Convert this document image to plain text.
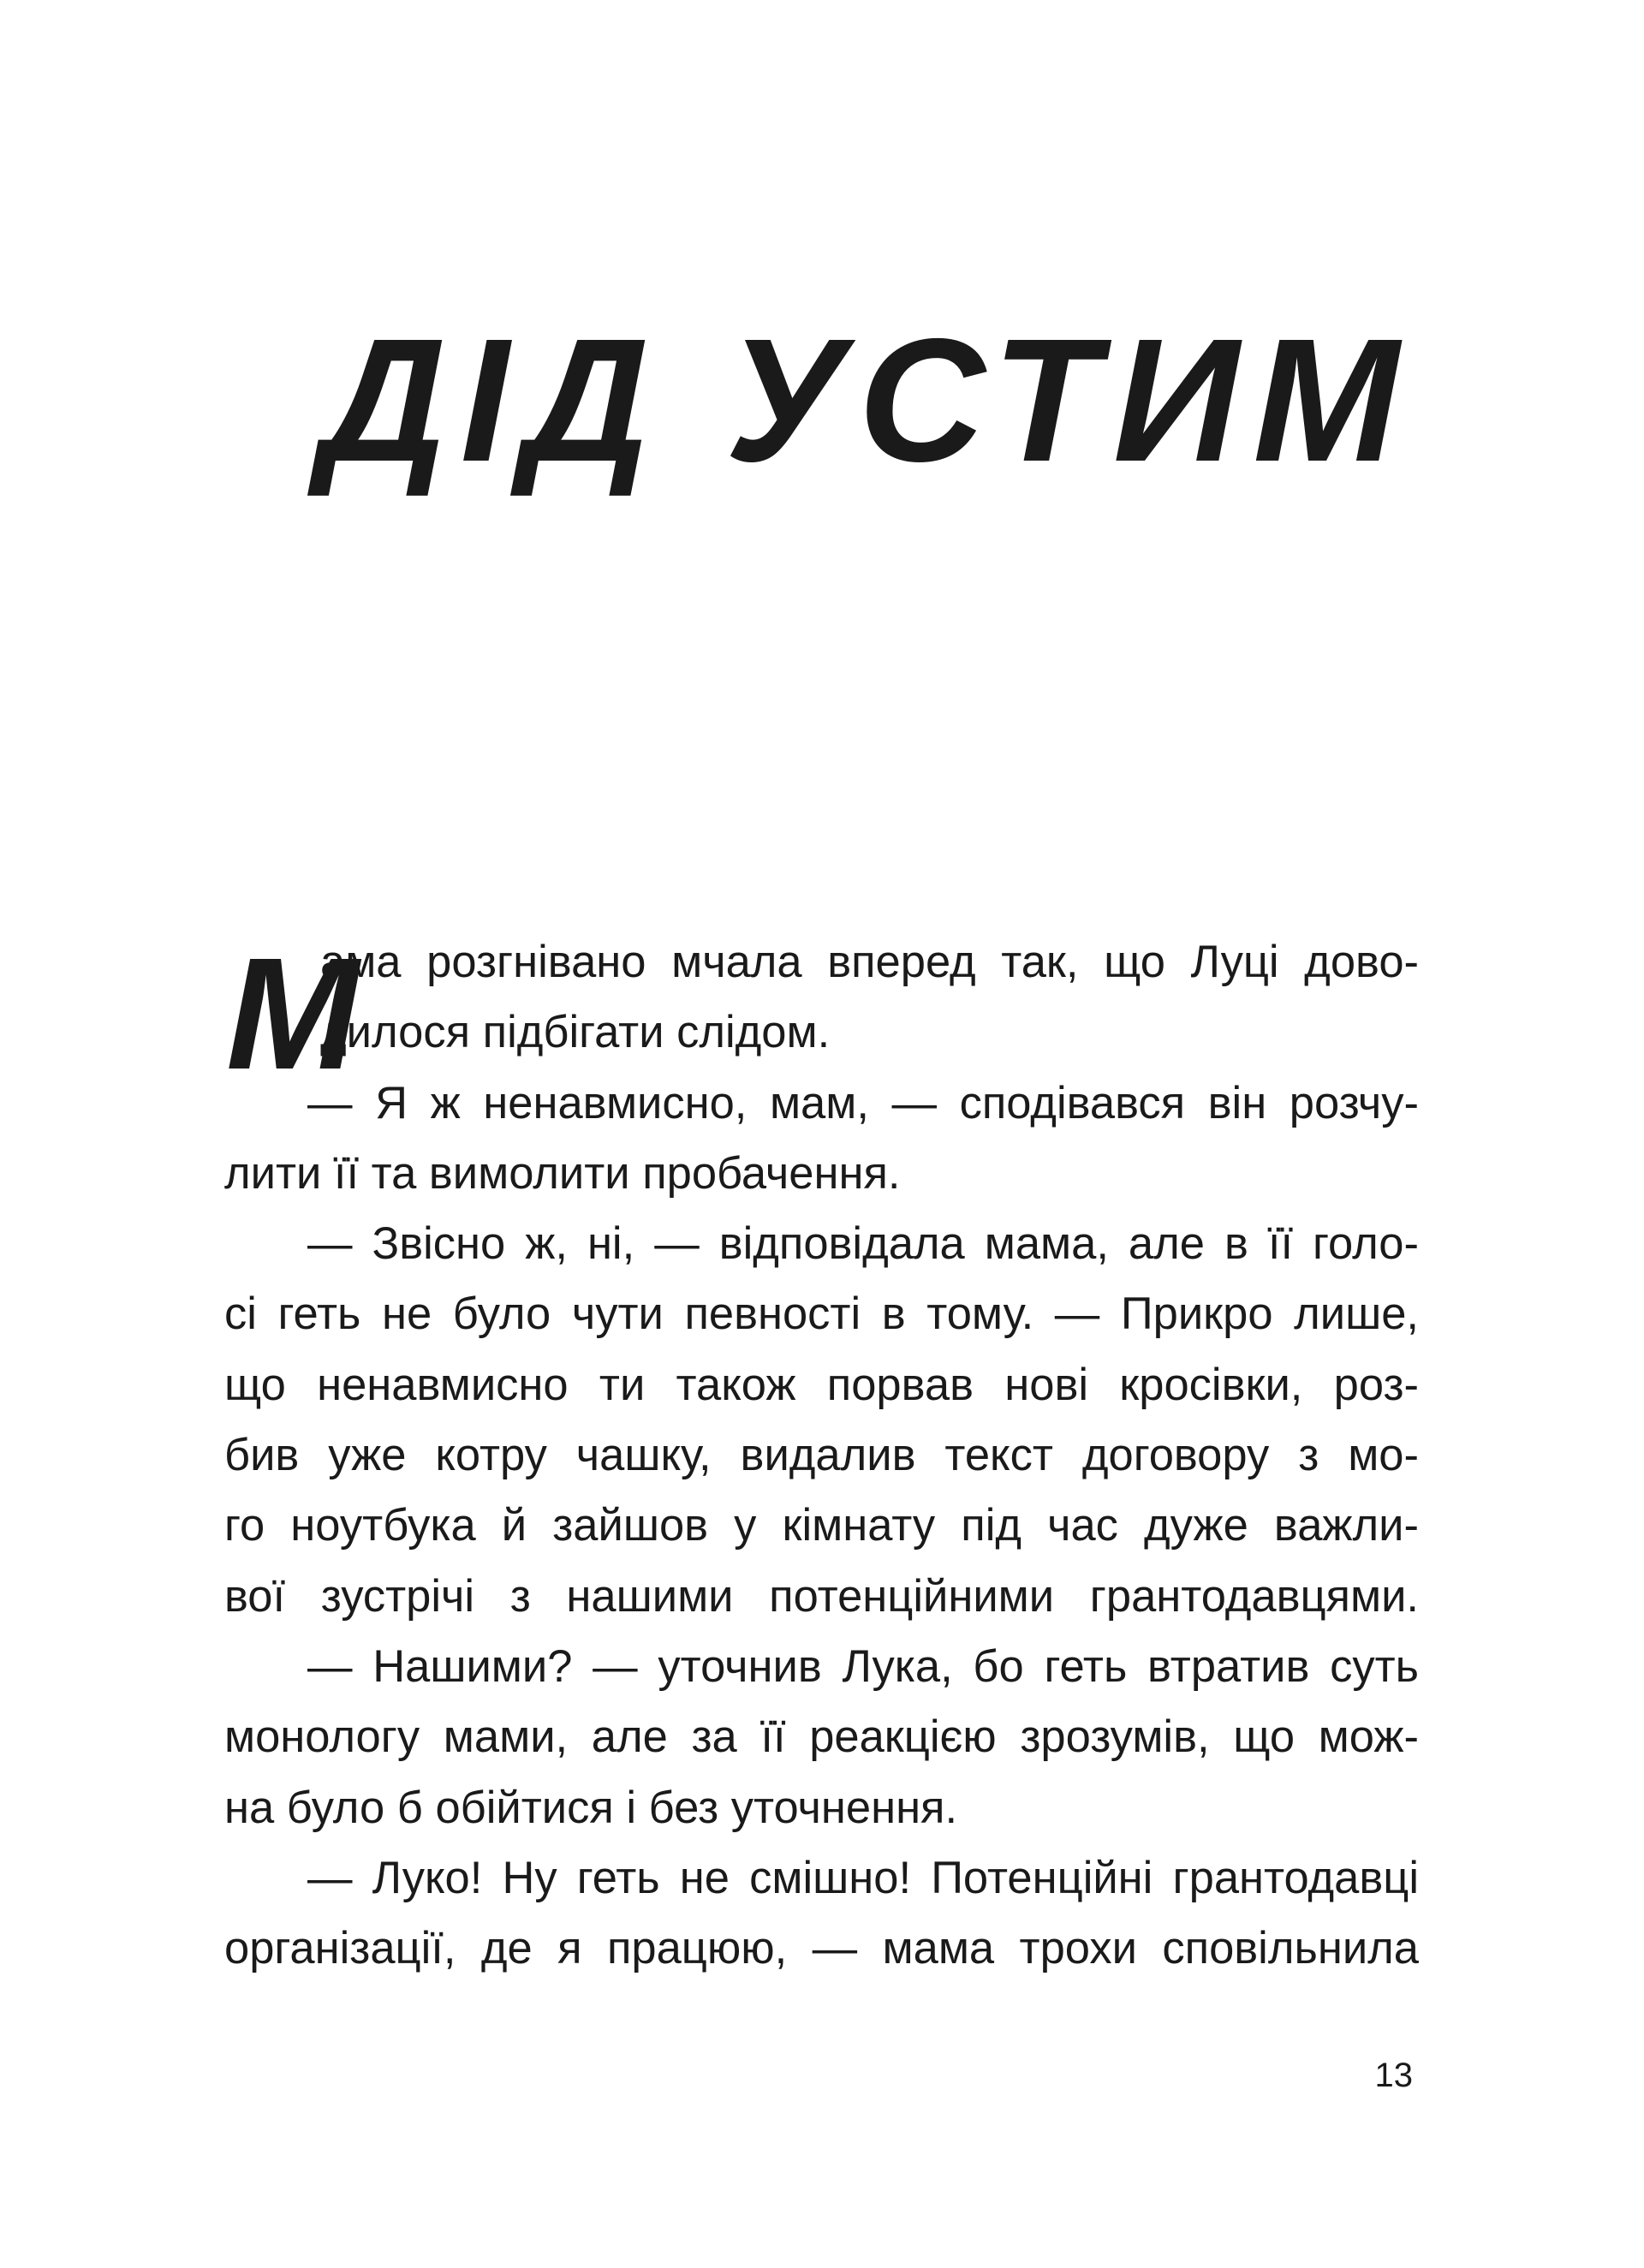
ДІД УСТИМ
М
ама розгнівано мчала вперед так, що Луці дово-
дилося підбігати слідом.
— Я ж ненавмисно, мам, — сподівався він розчу-
лити її та вимолити пробачення.
— Звісно ж, ні, — відповідала мама, але в її голо-
сі геть не було чути певності в тому. — Прикро лише,
що ненавмисно ти також порвав нові кросівки, роз-
бив уже котру чашку, видалив текст договору з мо-
го ноутбука й зайшов у кімнату під час дуже важли-
вої зустрічі з нашими потенційними грантодавцями.
— Нашими? — уточнив Лука, бо геть втратив суть
монологу мами, але за її реакцією зрозумів, що мож-
на було б обійтися і без уточнення.
— Луко! Ну геть не смішно! Потенційні грантодавці
організації, де я працюю, — мама трохи сповільнила
13
